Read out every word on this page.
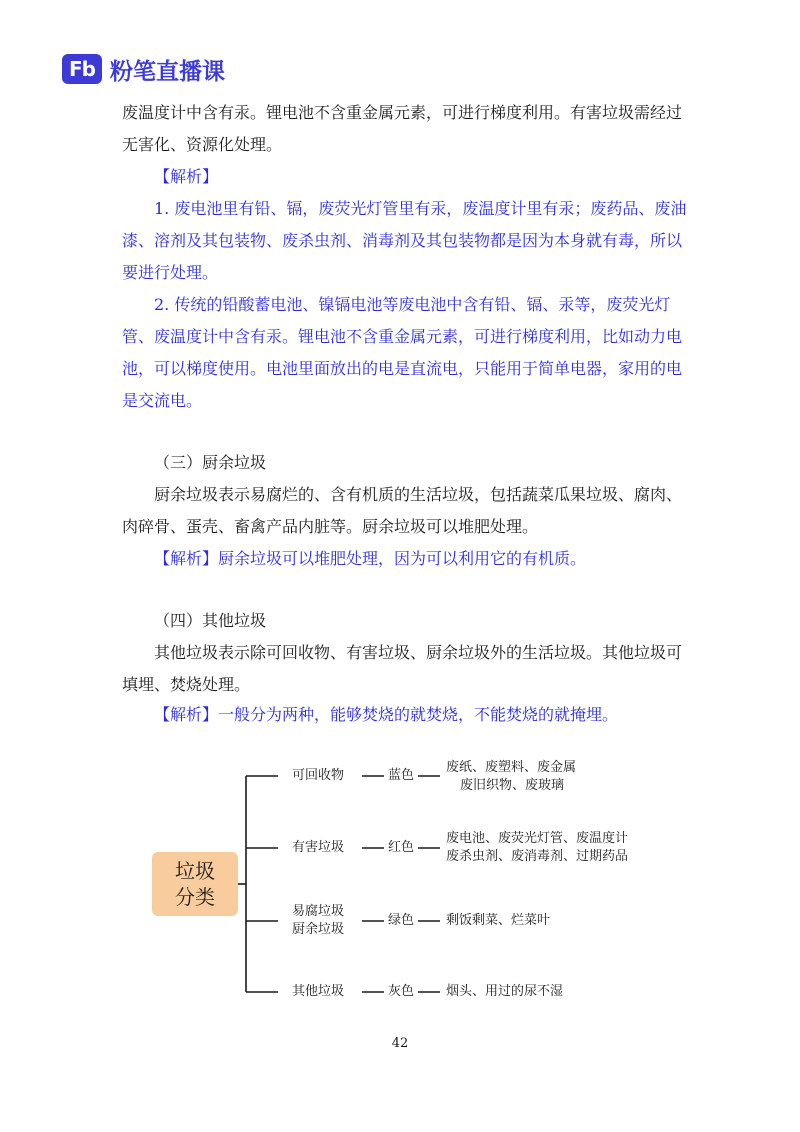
Fb 粉笔直播课

废温度计中含有汞。锂电池不含重金属元素，可进行梯度利用。有害垃圾需经过无害化、资源化处理。

【解析】

1. 废电池里有铅、镉，废荧光灯管里有汞，废温度计里有汞；废药品、废油漆、溶剂及其包装物、废杀虫剂、消毒剂及其包装物都是因为本身就有毒，所以要进行处理。

2. 传统的铅酸蓄电池、镍镉电池等废电池中含有铅、镉、汞等，废荧光灯管、废温度计中含有汞。锂电池不含重金属元素，可进行梯度利用，比如动力电池，可以梯度使用。电池里面放出的电是直流电，只能用于简单电器，家用的电是交流电。

（三）厨余垃圾

厨余垃圾表示易腐烂的、含有机质的生活垃圾，包括蔬菜瓜果垃圾、腐肉、肉碎骨、蛋壳、畜禽产品内脏等。厨余垃圾可以堆肥处理。

【解析】厨余垃圾可以堆肥处理，因为可以利用它的有机质。

（四）其他垃圾

其他垃圾表示除可回收物、有害垃圾、厨余垃圾外的生活垃圾。其他垃圾可填埋、焚烧处理。

【解析】一般分为两种，能够焚烧的就焚烧，不能焚烧的就掩埋。

垃圾
分类
可回收物	蓝色
废纸、废塑料、废金属
废旧织物、废玻璃
有害垃圾	红色
废电池、废荧光灯管、废温度计
废杀虫剂、废消毒剂、过期药品
易腐垃圾
厨余垃圾
绿色 剩饭剩菜、烂菜叶
其他垃圾	灰色 烟头、用过的尿不湿
42
